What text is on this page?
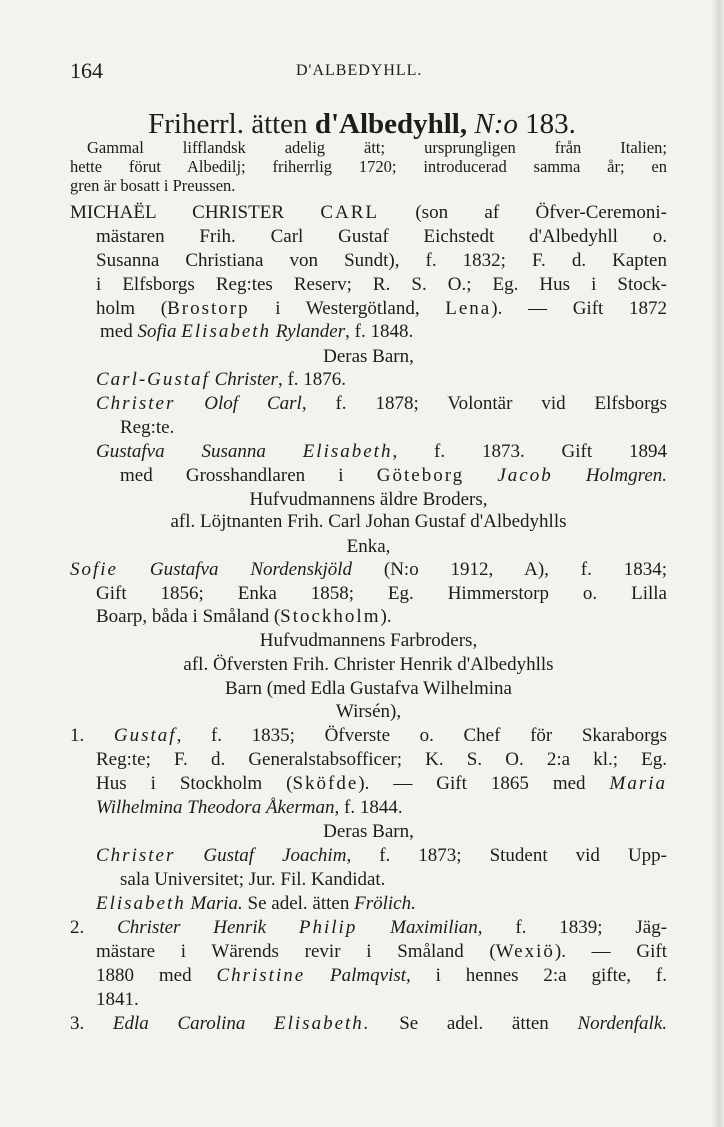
164	D'ALBEDYHLL.
Friherrl. ätten d'Albedyhll, N:o 183.
Gammal lifflandsk adelig ätt; ursprungligen från Italien;
hette förut Albedilj; friherrlig 1720; introducerad samma år; en
gren är bosatt i Preussen.
MICHAËL CHRISTER CARL (son af Öfver-Ceremoni-
mästaren Frih. Carl Gustaf Eichstedt d'Albedyhll o.
Susanna Christiana von Sundt), f. 1832; F. d. Kapten
i Elfsborgs Reg:tes Reserv; R. S. O.; Eg. Hus i Stock-
holm (Brostorp i Westergötland, Lena). — Gift 1872
med Sofia Elisabeth Rylander, f. 1848.
Deras Barn,
Carl-Gustaf Christer, f. 1876.
Christer Olof Carl, f. 1878; Volontär vid Elfsborgs
Reg:te.
Gustafva Susanna Elisabeth, f. 1873. Gift 1894
med Grosshandlaren i Göteborg Jacob Holmgren.
Hufvudmannens äldre Broders,
afl. Löjtnanten Frih. Carl Johan Gustaf d'Albedyhlls
Enka,
Sofie Gustafva Nordenskjöld (N:o 1912, A), f. 1834;
Gift 1856; Enka 1858; Eg. Himmerstorp o. Lilla
Boarp, båda i Småland (Stockholm).
Hufvudmannens Farbroders,
afl. Öfversten Frih. Christer Henrik d'Albedyhlls
Barn (med Edla Gustafva Wilhelmina
Wirsén),
1. Gustaf, f. 1835; Öfverste o. Chef för Skaraborgs
Reg:te; F. d. Generalstabsofficer; K. S. O. 2:a kl.; Eg.
Hus i Stockholm (Sköfde). — Gift 1865 med Maria
Wilhelmina Theodora Åkerman, f. 1844.
Deras Barn,
Christer Gustaf Joachim, f. 1873; Student vid Upp-
sala Universitet; Jur. Fil. Kandidat.
Elisabeth Maria. Se adel. ätten Frölich.
2. Christer Henrik Philip Maximilian, f. 1839; Jäg-
mästare i Wärends revir i Småland (Wexiö). — Gift
1880 med Christine Palmqvist, i hennes 2:a gifte, f.
1841.
3. Edla Carolina Elisabeth. Se adel. ätten Nordenfalk.
